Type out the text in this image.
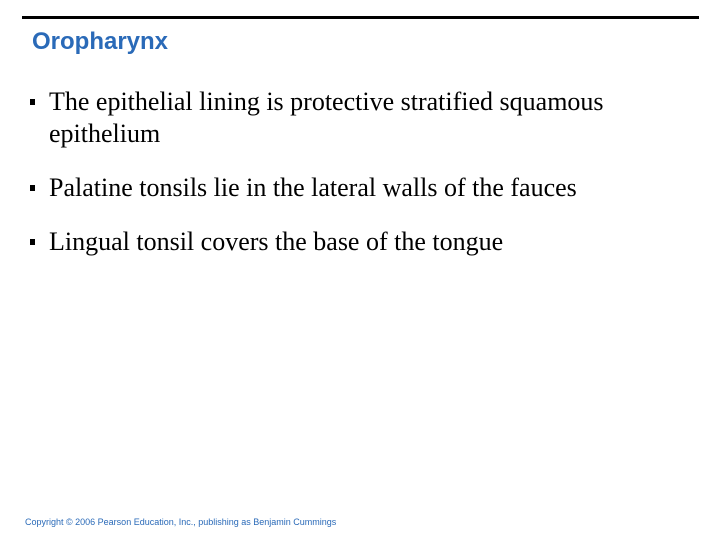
Oropharynx
The epithelial lining is protective stratified squamous epithelium
Palatine tonsils lie in the lateral walls of the fauces
Lingual tonsil covers the base of the tongue
Copyright © 2006 Pearson Education, Inc., publishing as Benjamin Cummings
